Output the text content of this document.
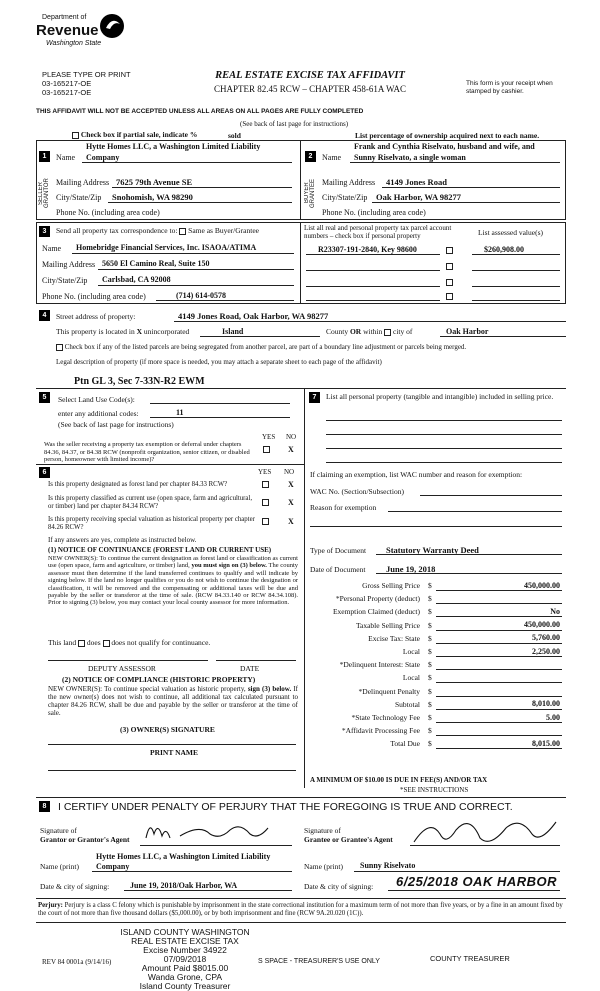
Department of
Revenue
Washington State
PLEASE TYPE OR PRINT
03-165217-OE
03-165217-OE
REAL ESTATE EXCISE TAX AFFIDAVIT
CHAPTER 82.45 RCW – CHAPTER 458-61A WAC
This form is your receipt when stamped by cashier.
THIS AFFIDAVIT WILL NOT BE ACCEPTED UNLESS ALL AREAS ON ALL PAGES ARE FULLY COMPLETED
(See back of last page for instructions)
Check box if partial sale, indicate %	sold	List percentage of ownership acquired next to each name.
1
SELLER GRANTOR
Hytte Homes LLC, a Washington Limited Liability
Name Company
Mailing Address 7625 79th Avenue SE
City/State/Zip Snohomish, WA 98290
Phone No. (including area code)
2
BUYER GRANTEE
Frank and Cynthia Riselvato, husband and wife, and
Name Sunny Riselvato, a single woman
Mailing Address 4149 Jones Road
City/State/Zip Oak Harbor, WA 98277
Phone No. (including area code)
3	Send all property tax correspondence to: Same as Buyer/Grantee
Name Homebridge Financial Services, Inc. ISAOA/ATIMA
Mailing Address 5650 El Camino Real, Suite 150
City/State/Zip Carlsbad, CA 92008
Phone No. (including area code)	(714) 614-0578
List all real and personal property tax parcel account numbers – check box if personal property	List assessed value(s)
R23307-191-2840, Key 98600	$260,908.00
4	Street address of property:	4149 Jones Road, Oak Harbor, WA 98277
This property is located in X unincorporated	Island	County OR within city of	Oak Harbor
Check box if any of the listed parcels are being segregated from another parcel, are part of a boundary line adjustment or parcels being merged.
Legal description of property (if more space is needed, you may attach a separate sheet to each page of the affidavit)
Ptn GL 3, Sec 7-33N-R2 EWM
5	Select Land Use Code(s):
enter any additional codes:	11
(See back of last page for instructions)
YES NO
Was the seller receiving a property tax exemption or deferral under chapters 84.36, 84.37, or 84.38 RCW (nonprofit organization, senior citizen, or disabled person, homeowner with limited income)?
X
6	YES NO
Is this property designated as forest land per chapter 84.33 RCW?	X
Is this property classified as current use (open space, farm and agricultural, or timber) land per chapter 84.34 RCW?	X
Is this property receiving special valuation as historical property per chapter 84.26 RCW?
X
If any answers are yes, complete as instructed below.
(1) NOTICE OF CONTINUANCE (FOREST LAND OR CURRENT USE)
NEW OWNER(S): To continue the current designation as forest land or classification as current use (open space, farm and agriculture, or timber) land, you must sign on (3) below. The county assessor must then determine if the land transferred continues to qualify and will indicate by signing below. If the land no longer qualifies or you do not wish to continue the designation or classification, it will be removed and the compensating or additional taxes will be due and payable by the seller or transferor at the time of sale. (RCW 84.33.140 or RCW 84.34.108). Prior to signing (3) below, you may contact your local county assessor for more information.
This land does does not qualify for continuance.
DEPUTY ASSESSOR	DATE
(2) NOTICE OF COMPLIANCE (HISTORIC PROPERTY)
NEW OWNER(S): To continue special valuation as historic property, sign (3) below. If the new owner(s) does not wish to continue, all additional tax calculated pursuant to chapter 84.26 RCW, shall be due and payable by the seller or transferor at the time of sale.
(3) OWNER(S) SIGNATURE
PRINT NAME
7	List all personal property (tangible and intangible) included in selling price.
If claiming an exemption, list WAC number and reason for exemption:
WAC No. (Section/Subsection)
Reason for exemption
Type of Document Statutory Warranty Deed
Date of Document June 19, 2018
Gross Selling Price $	450,000.00
*Personal Property (deduct) $
Exemption Claimed (deduct) $	No
Taxable Selling Price $	450,000.00
Excise Tax: State $	5,760.00
Local $	2,250.00
*Delinquent Interest: State $
Local $
*Delinquent Penalty $
Subtotal $	8,010.00
*State Technology Fee $	5.00
*Affidavit Processing Fee $
Total Due $	8,015.00
A MINIMUM OF $10.00 IS DUE IN FEE(S) AND/OR TAX
*SEE INSTRUCTIONS
8	I CERTIFY UNDER PENALTY OF PERJURY THAT THE FOREGOING IS TRUE AND CORRECT.
Signature of
Grantor or Grantor's Agent
Signature of
Grantee or Grantee's Agent
Hytte Homes LLC, a Washington Limited Liability
Name (print) Company	Name (print) Sunny Riselvato
Date & city of signing:	June 19, 2018/Oak Harbor, WA	Date & city of signing: 6/25/2018 OAK HARBOR
Perjury: Perjury is a class C felony which is punishable by imprisonment in the state correctional institution for a maximum term of not more than five years, or by a fine in an amount fixed by the court of not more than five thousand dollars ($5,000.00), or by both imprisonment and fine (RCW 9A.20.020 (1C)).
ISLAND COUNTY WASHINGTON
REAL ESTATE EXCISE TAX
Excise Number 34922
07/09/2018
Amount Paid $8015.00
Wanda Grone, CPA
Island County Treasurer
REV 84 0001a (9/14/16)	S SPACE - TREASURER'S USE ONLY	COUNTY TREASURER
